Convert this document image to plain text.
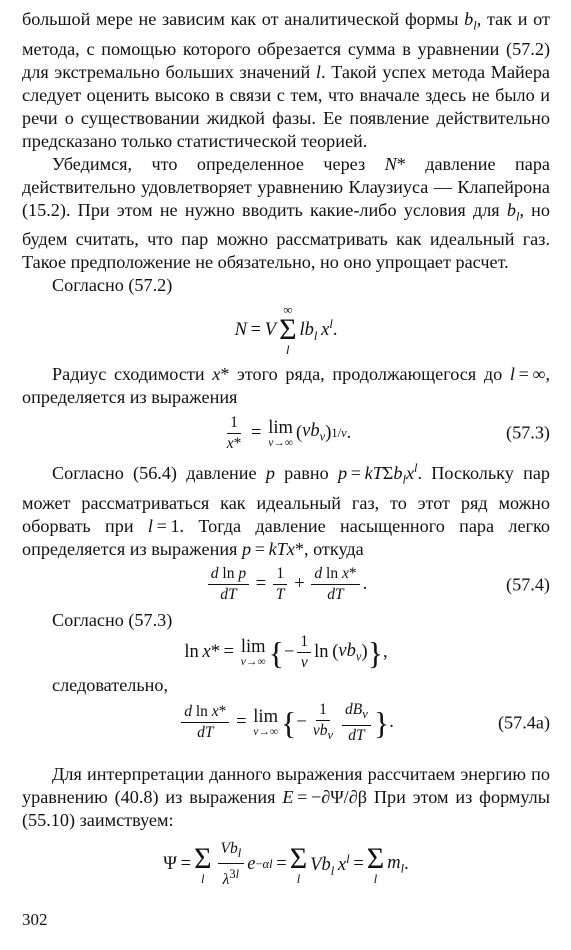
большой мере не зависим как от аналитической формы $b_l$, так и от метода, с помощью которого обрезается сумма в уравнении (57.2) для экстремально больших значений l. Такой успех метода Майера следует оценить высоко в связи с тем, что вначале здесь не было и речи о существовании жидкой фазы. Ее появление действительно предсказано только статистической теорией.

Убедимся, что определенное через N* давление пара действительно удовлетворяет уравнению Клаузиуса — Клапейрона (15.2). При этом не нужно вводить какие-либо условия для $b_l$, но будем считать, что пар можно рассматривать как идеальный газ. Такое предположение не обязательно, но оно упрощает расчет.

Согласно (57.2)

N  =  V
∞
Σ
l
$lb_l$ $x^l$ .

Радиус сходимости x* этого ряда, продолжающегося до l = ∞, определяется из выражения

$\frac{1}{x*} = \lim$
ν→∞ ( $\nu b_\nu$ ) 1/ν .	(57.3)

Согласно (56.4) давление p равно $p = kT\Sigma b_lx^l$. Поскольку пар может рассматриваться как идеальный газ, то этот ряд можно оборвать при l = 1. Тогда давление насыщенного пара легко определяется из выражения p = kTx*, откуда

$\frac{\text{d ln p}}{dT} = \frac{1}{T} + \frac{\text{d ln x*}}{dT}$ .	(57.4)

Согласно (57.3)

ln  x * =  lim
ν→∞ { − $\frac{1}{\nu}$ ln ( $\nu b_\nu$ ) } ,

следовательно,

$\frac{\text{d ln x*}}{dT} = \lim$
ν→∞ { − $\frac{1}{\nu b_\nu} \frac{dB_\nu}{dT}$ } .	(57.4а)

Для интерпретации данного выражения рассчитаем энергию по уравнению (40.8) из выражения E = −∂Ψ/∂β При этом из формулы (55.10) заимствуем:

Ψ = Σ
l $\frac{Vb_l}{\lambda^{3l}}$ e −αl  = Σ
l
$Vb_l$ $x^l = \Sigma$
l
$m_l$ .
302
